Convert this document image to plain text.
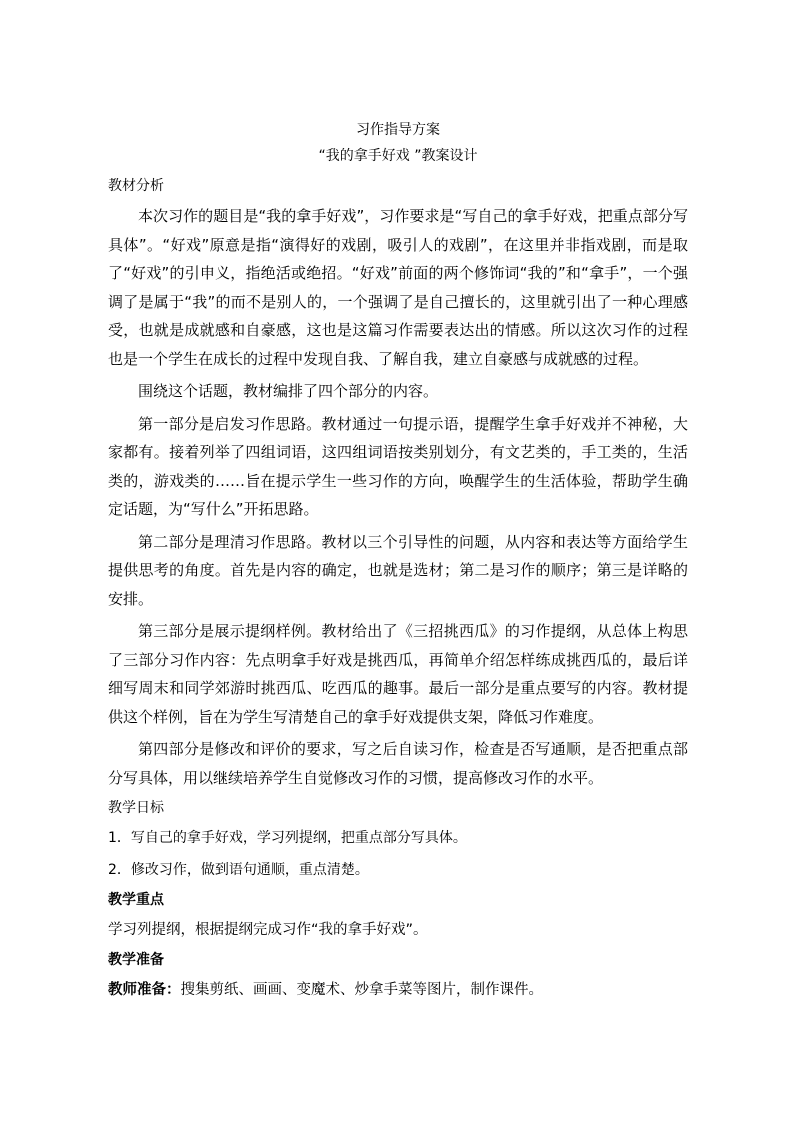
习作指导方案
“我的拿手好戏 ”教案设计
教材分析

本次习作的题目是“我的拿手好戏”，习作要求是“写自己的拿手好戏，把重点部分写具体”。“好戏”原意是指“演得好的戏剧，吸引人的戏剧”，在这里并非指戏剧，而是取了“好戏”的引申义，指绝活或绝招。“好戏”前面的两个修饰词“我的”和“拿手”，一个强调了是属于“我”的而不是别人的，一个强调了是自己擅长的，这里就引出了一种心理感受，也就是成就感和自豪感，这也是这篇习作需要表达出的情感。所以这次习作的过程也是一个学生在成长的过程中发现自我、了解自我，建立自豪感与成就感的过程。

围绕这个话题，教材编排了四个部分的内容。

第一部分是启发习作思路。教材通过一句提示语，提醒学生拿手好戏并不神秘，大家都有。接着列举了四组词语，这四组词语按类别划分，有文艺类的，手工类的，生活类的，游戏类的……旨在提示学生一些习作的方向，唤醒学生的生活体验，帮助学生确定话题，为“写什么”开拓思路。

第二部分是理清习作思路。教材以三个引导性的问题，从内容和表达等方面给学生提供思考的角度。首先是内容的确定，也就是选材；第二是习作的顺序；第三是详略的安排。

第三部分是展示提纲样例。教材给出了《三招挑西瓜》的习作提纲，从总体上构思了三部分习作内容：先点明拿手好戏是挑西瓜，再简单介绍怎样练成挑西瓜的，最后详细写周末和同学郊游时挑西瓜、吃西瓜的趣事。最后一部分是重点要写的内容。教材提供这个样例，旨在为学生写清楚自己的拿手好戏提供支架，降低习作难度。

第四部分是修改和评价的要求，写之后自读习作，检查是否写通顺，是否把重点部分写具体，用以继续培养学生自觉修改习作的习惯，提高修改习作的水平。

教学日标

1．写自己的拿手好戏，学习列提纲，把重点部分写具体。

2．修改习作，做到语句通顺，重点清楚。

教学重点

学习列提纲，根据提纲完成习作“我的拿手好戏”。

教学准备

教师准备：搜集剪纸、画画、变魔术、炒拿手菜等图片，制作课件。
